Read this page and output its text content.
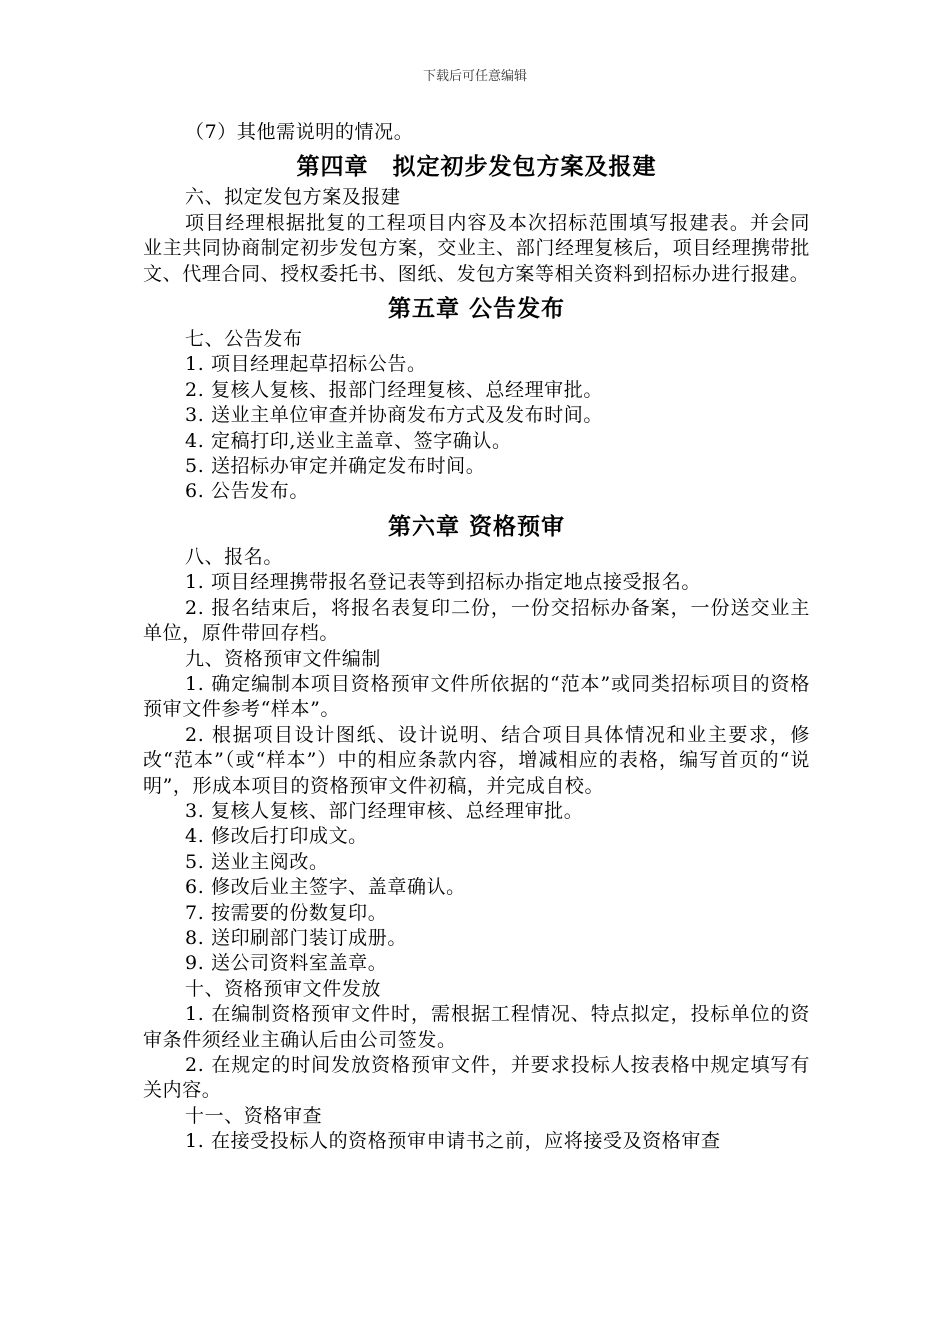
下载后可任意编辑

（7）其他需说明的情况。

第四章　拟定初步发包方案及报建

六、拟定发包方案及报建

项目经理根据批复的工程项目内容及本次招标范围填写报建表。并会同业主共同协商制定初步发包方案，交业主、部门经理复核后，项目经理携带批文、代理合同、授权委托书、图纸、发包方案等相关资料到招标办进行报建。

第五章 公告发布

七、公告发布

1. 项目经理起草招标公告。

2. 复核人复核、报部门经理复核、总经理审批。

3. 送业主单位审查并协商发布方式及发布时间。

4. 定稿打印,送业主盖章、签字确认。

5. 送招标办审定并确定发布时间。

6. 公告发布。

第六章 资格预审

八、报名。

1. 项目经理携带报名登记表等到招标办指定地点接受报名。

2. 报名结束后，将报名表复印二份，一份交招标办备案，一份送交业主单位，原件带回存档。

九、资格预审文件编制

1. 确定编制本项目资格预审文件所依据的“范本”或同类招标项目的资格预审文件参考“样本”。

2. 根据项目设计图纸、设计说明、结合项目具体情况和业主要求，修改“范本”（或“样本”）中的相应条款内容，增减相应的表格，编写首页的“说明”，形成本项目的资格预审文件初稿，并完成自校。

3. 复核人复核、部门经理审核、总经理审批。

4. 修改后打印成文。

5. 送业主阅改。

6. 修改后业主签字、盖章确认。

7. 按需要的份数复印。

8. 送印刷部门装订成册。

9. 送公司资料室盖章。

十、资格预审文件发放

1. 在编制资格预审文件时，需根据工程情况、特点拟定，投标单位的资审条件须经业主确认后由公司签发。

2. 在规定的时间发放资格预审文件，并要求投标人按表格中规定填写有关内容。

十一、资格审查

1. 在接受投标人的资格预审申请书之前，应将接受及资格审查
